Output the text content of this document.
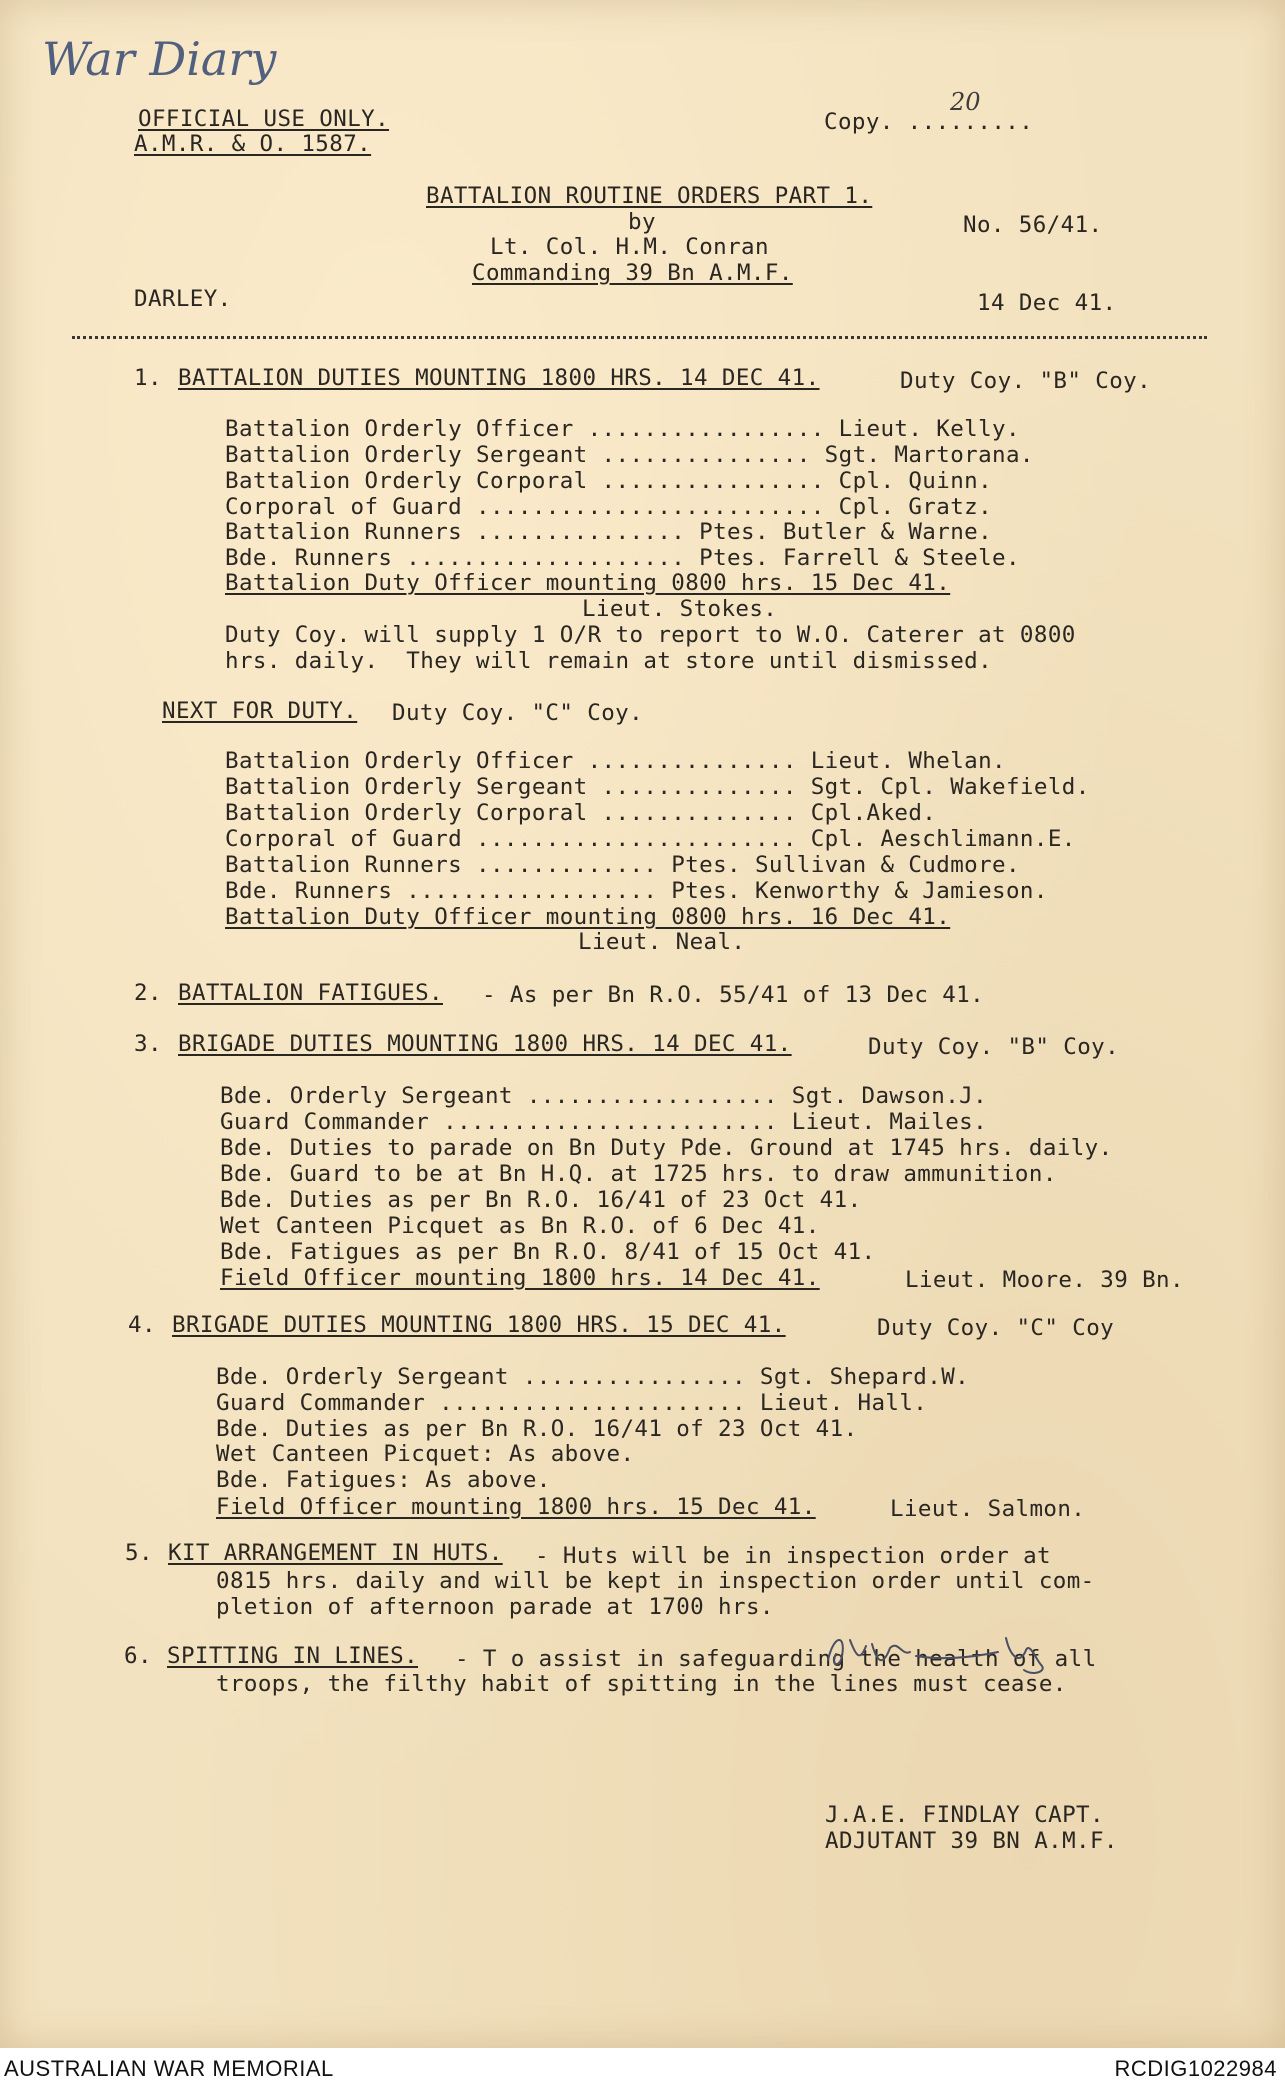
War Diary
20
OFFICIAL USE ONLY.
A.M.R. & O. 1587.
Copy. .........
BATTALION ROUTINE ORDERS PART 1.
by
Lt. Col. H.M. Conran
Commanding 39 Bn A.M.F.
No. 56/41.
DARLEY.	14 Dec 41.
1. BATTALION DUTIES MOUNTING 1800 HRS. 14 DEC 41.	Duty Coy. "B" Coy.
Battalion Orderly Officer ................. Lieut. Kelly.
Battalion Orderly Sergeant ............... Sgt. Martorana.
Battalion Orderly Corporal ................ Cpl. Quinn.
Corporal of Guard ......................... Cpl. Gratz.
Battalion Runners ............... Ptes. Butler & Warne.
Bde. Runners .................... Ptes. Farrell & Steele.
Battalion Duty Officer mounting 0800 hrs. 15 Dec 41.
Lieut. Stokes.
Duty Coy. will supply 1 O/R to report to W.O. Caterer at 0800
hrs. daily.  They will remain at store until dismissed.
NEXT FOR DUTY. Duty Coy. "C" Coy.
Battalion Orderly Officer ............... Lieut. Whelan.
Battalion Orderly Sergeant .............. Sgt. Cpl. Wakefield.
Battalion Orderly Corporal .............. Cpl.Aked.
Corporal of Guard ....................... Cpl. Aeschlimann.E.
Battalion Runners ............. Ptes. Sullivan & Cudmore.
Bde. Runners .................. Ptes. Kenworthy & Jamieson.
Battalion Duty Officer mounting 0800 hrs. 16 Dec 41.
Lieut. Neal.
2. BATTALION FATIGUES. - As per Bn R.O. 55/41 of 13 Dec 41.
3. BRIGADE DUTIES MOUNTING 1800 HRS. 14 DEC 41.	Duty Coy. "B" Coy.
Bde. Orderly Sergeant .................. Sgt. Dawson.J.
Guard Commander ........................ Lieut. Mailes.
Bde. Duties to parade on Bn Duty Pde. Ground at 1745 hrs. daily.
Bde. Guard to be at Bn H.Q. at 1725 hrs. to draw ammunition.
Bde. Duties as per Bn R.O. 16/41 of 23 Oct 41.
Wet Canteen Picquet as Bn R.O. of 6 Dec 41.
Bde. Fatigues as per Bn R.O. 8/41 of 15 Oct 41.
Field Officer mounting 1800 hrs. 14 Dec 41.	Lieut. Moore. 39 Bn.
4. BRIGADE DUTIES MOUNTING 1800 HRS. 15 DEC 41.	Duty Coy. "C" Coy
Bde. Orderly Sergeant ................ Sgt. Shepard.W.
Guard Commander ...................... Lieut. Hall.
Bde. Duties as per Bn R.O. 16/41 of 23 Oct 41.
Wet Canteen Picquet: As above.
Bde. Fatigues: As above.
Field Officer mounting 1800 hrs. 15 Dec 41.	Lieut. Salmon.
5. KIT ARRANGEMENT IN HUTS. - Huts will be in inspection order at
0815 hrs. daily and will be kept in inspection order until com-
pletion of afternoon parade at 1700 hrs.
6. SPITTING IN LINES. - T o assist in safeguarding the health of all
troops, the filthy habit of spitting in the lines must cease.
J.A.E. FINDLAY CAPT.
ADJUTANT 39 BN A.M.F.
AUSTRALIAN WAR MEMORIAL	RCDIG1022984
